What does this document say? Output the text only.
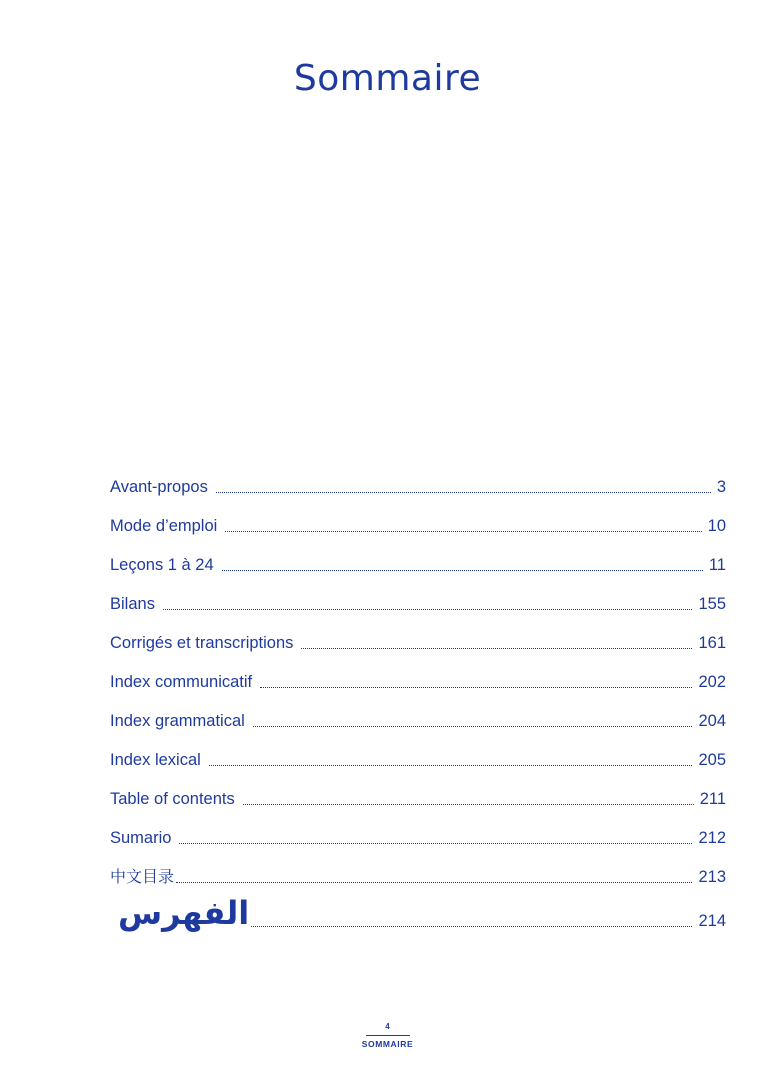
Sommaire
Avant-propos	3
Mode d’emploi	10
Leçons 1 à 24	11
Bilans	155
Corrigés et transcriptions	161
Index communicatif	202
Index grammatical	204
Index lexical	205
Table of contents	211
Sumario	212
中文目录	213
الفهرس	214
4
SOMMAIRE
